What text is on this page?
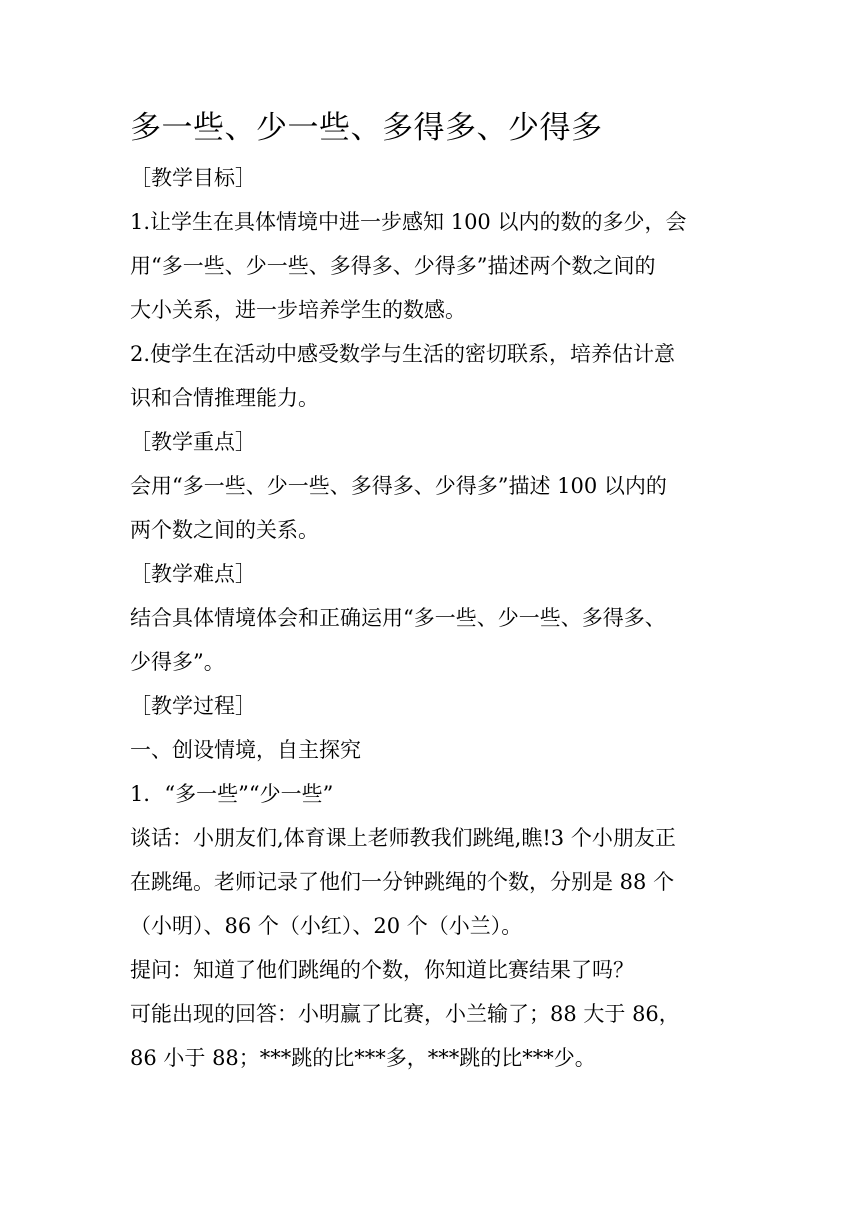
多一些、少一些、多得多、少得多

［教学目标］

1.让学生在具体情境中进一步感知 100 以内的数的多少，会

用“多一些、少一些、多得多、少得多”描述两个数之间的

大小关系，进一步培养学生的数感。

2.使学生在活动中感受数学与生活的密切联系，培养估计意

识和合情推理能力。

［教学重点］

会用“多一些、少一些、多得多、少得多”描述 100 以内的

两个数之间的关系。

［教学难点］

结合具体情境体会和正确运用“多一些、少一些、多得多、

少得多”。

［教学过程］

一、创设情境，自主探究

1．“多一些”“少一些”

谈话：小朋友们,体育课上老师教我们跳绳,瞧!3 个小朋友正

在跳绳。老师记录了他们一分钟跳绳的个数，分别是 88 个

（小明）、86 个（小红）、20 个（小兰）。

提问：知道了他们跳绳的个数，你知道比赛结果了吗？

可能出现的回答：小明赢了比赛，小兰输了；88 大于 86，

86 小于 88；***跳的比***多，***跳的比***少。
